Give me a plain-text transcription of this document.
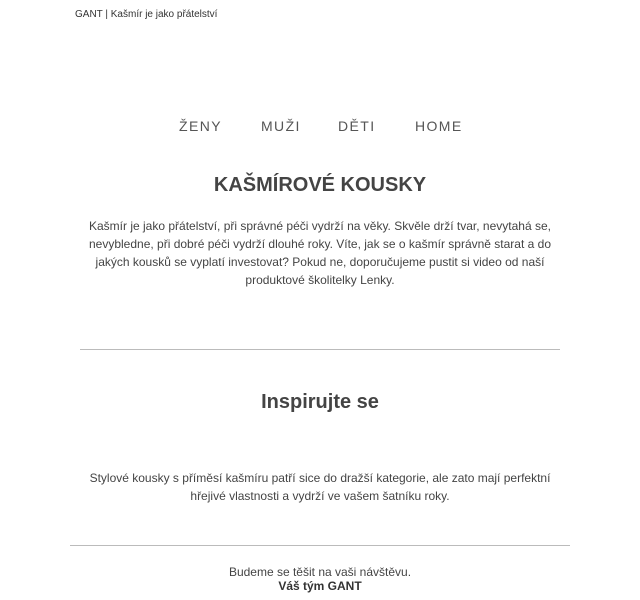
GANT | Kašmír je jako přátelství
ŽENY	MUŽI	DĚTI	HOME
KAŠMÍROVÉ KOUSKY

Kašmír je jako přátelství, při správné péči vydrží na věky. Skvěle drží tvar, nevytahá se, nevybledne, při dobré péči vydrží dlouhé roky. Víte, jak se o kašmír správně starat a do jakých kousků se vyplatí investovat? Pokud ne, doporučujeme pustit si video od naší produktové školitelky Lenky.

Inspirujte se

Stylové kousky s příměsí kašmíru patří sice do dražší kategorie, ale zato mají perfektní hřejivé vlastnosti a vydrží ve vašem šatníku roky.

Budeme se těšit na vaši návštěvu.
Váš tým GANT
